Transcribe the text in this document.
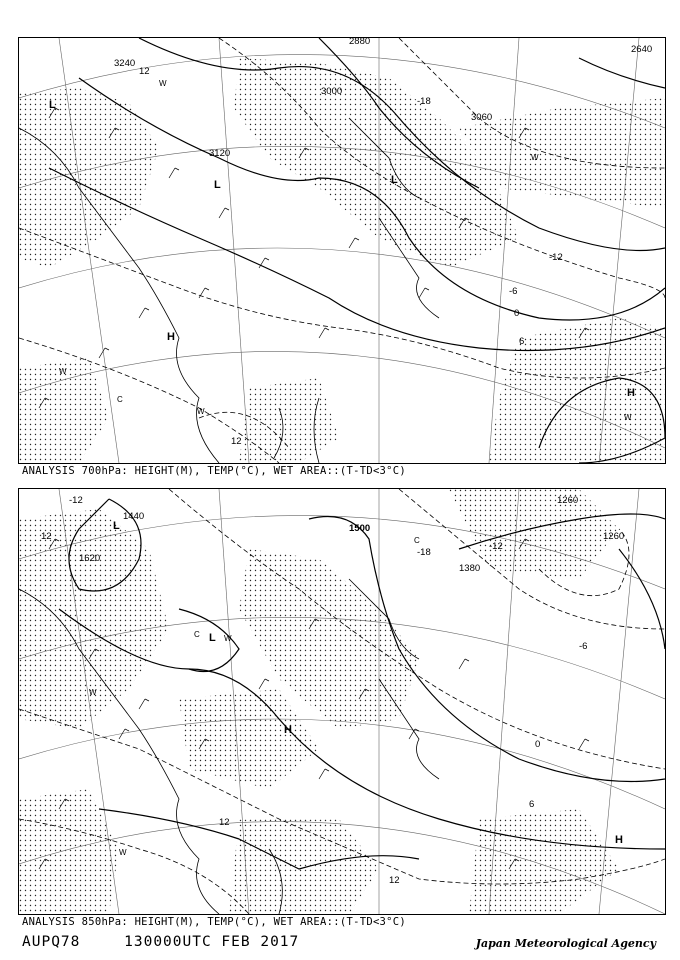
3240
3120
3000
2880
2640
3060
-18
-12
-6
0
6
12
12
L
L	L
H
H
W
W
W
W
C
W
ANALYSIS 700hPa: HEIGHT(M), TEMP(°C), WET AREA::(T-TD<3°C)
1500
1380
1260
1260
1440
1620
-18
-12
-6
0
6
12
12
-12
12
L
L
H
H
W
W
C
C	W
ANALYSIS 850hPa: HEIGHT(M), TEMP(°C), WET AREA::(T-TD<3°C)
AUPQ78	130000UTC FEB 2017	Japan Meteorological Agency
